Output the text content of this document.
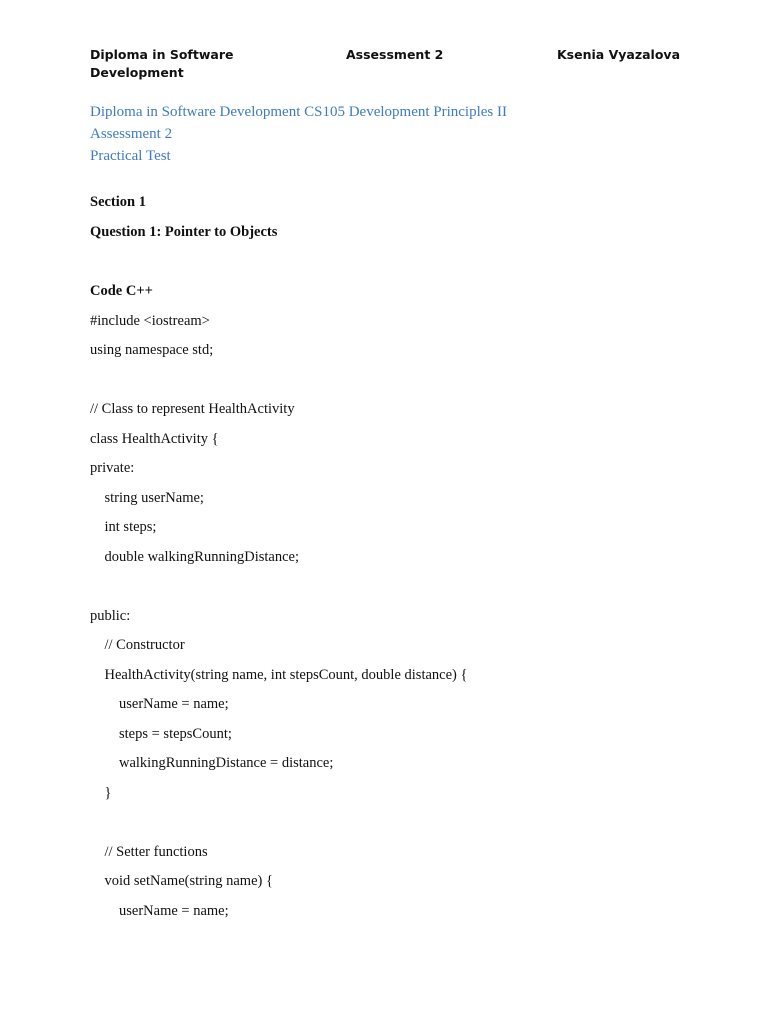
Diploma in Software Development
Assessment 2	Ksenia Vyazalova
Diploma in Software Development CS105 Development Principles II
Assessment 2
Practical Test
Section 1
Question 1: Pointer to Objects
Code C++
#include <iostream>
using namespace std;
// Class to represent HealthActivity
class HealthActivity {
private:
string userName;
int steps;
double walkingRunningDistance;
public:
// Constructor
HealthActivity(string name, int stepsCount, double distance) {
userName = name;
steps = stepsCount;
walkingRunningDistance = distance;
}
// Setter functions
void setName(string name) {
userName = name;
